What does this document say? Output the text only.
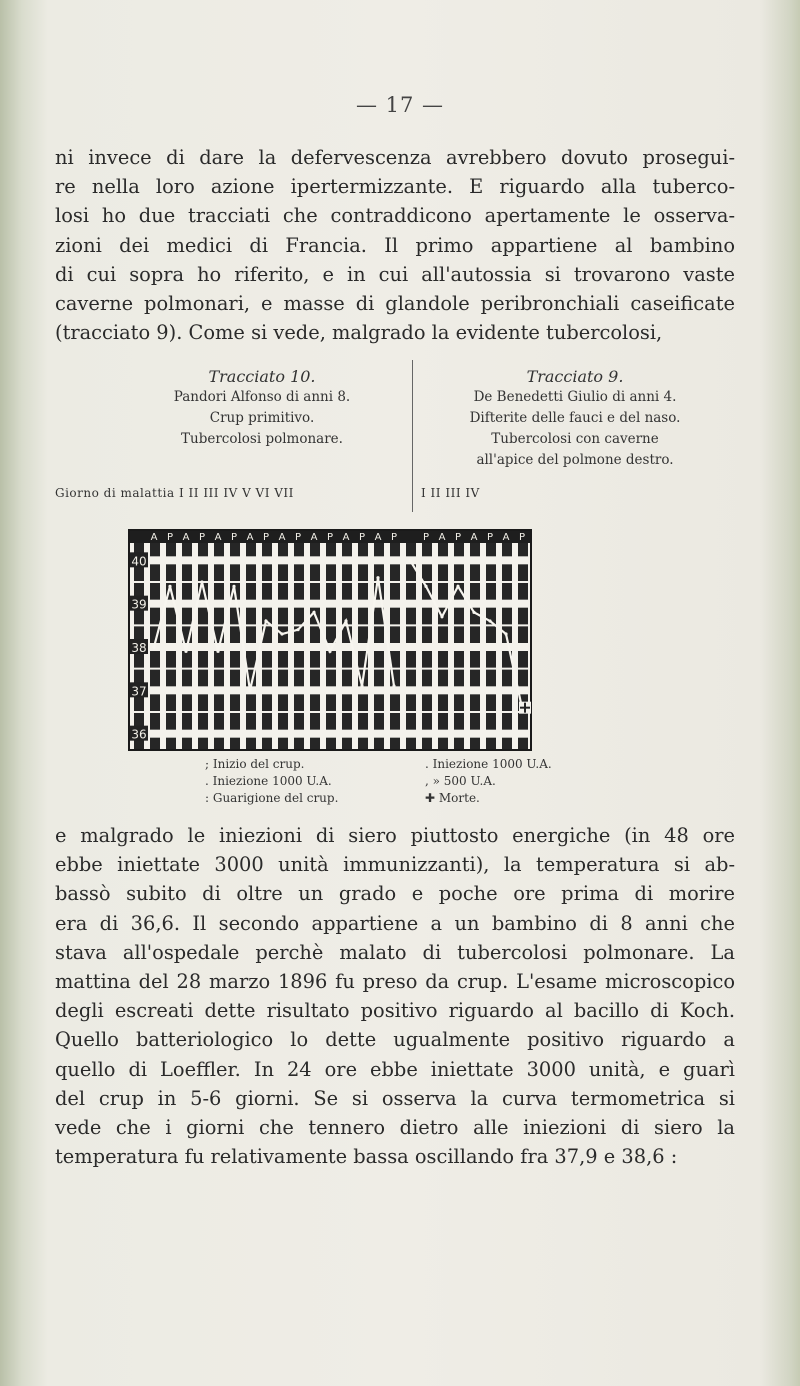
— 17 —
ni invece di dare la defervescenza avrebbero dovuto prosegui-
re nella loro azione ipertermizzante. E riguardo alla tuberco-
losi ho due tracciati che contraddicono apertamente le osserva-
zioni dei medici di Francia. Il primo appartiene al bambino
di cui sopra ho riferito, e in cui all'autossia si trovarono vaste
caverne polmonari, e masse di glandole peribronchiali caseificate
(tracciato 9). Come si vede, malgrado la evidente tubercolosi,
Tracciato 10.
Pandori Alfonso di anni 8.
Crup primitivo.
Tubercolosi polmonare.
Tracciato 9.
De Benedetti Giulio di anni 4.
Difterite delle fauci e del naso.
Tubercolosi con caverne
all'apice del polmone destro.
Giorno di malattia I II III IV V VI VII	I II III IV
A P A P A P A P A P A P A P A P	P A P A P A P
40
39
38
37
36
; Inizio del crup.
. Iniezione 1000 U.A.
: Guarigione del crup.
. Iniezione 1000 U.A.
, » 500 U.A.
✚ Morte.
e malgrado le iniezioni di siero piuttosto energiche (in 48 ore
ebbe iniettate 3000 unità immunizzanti), la temperatura si ab-
bassò subito di oltre un grado e poche ore prima di morire
era di 36,6. Il secondo appartiene a un bambino di 8 anni che
stava all'ospedale perchè malato di tubercolosi polmonare. La
mattina del 28 marzo 1896 fu preso da crup. L'esame microscopico
degli escreati dette risultato positivo riguardo al bacillo di Koch.
Quello batteriologico lo dette ugualmente positivo riguardo a
quello di Loeffler. In 24 ore ebbe iniettate 3000 unità, e guarì
del crup in 5-6 giorni. Se si osserva la curva termometrica si
vede che i giorni che tennero dietro alle iniezioni di siero la
temperatura fu relativamente bassa oscillando fra 37,9 e 38,6 :
